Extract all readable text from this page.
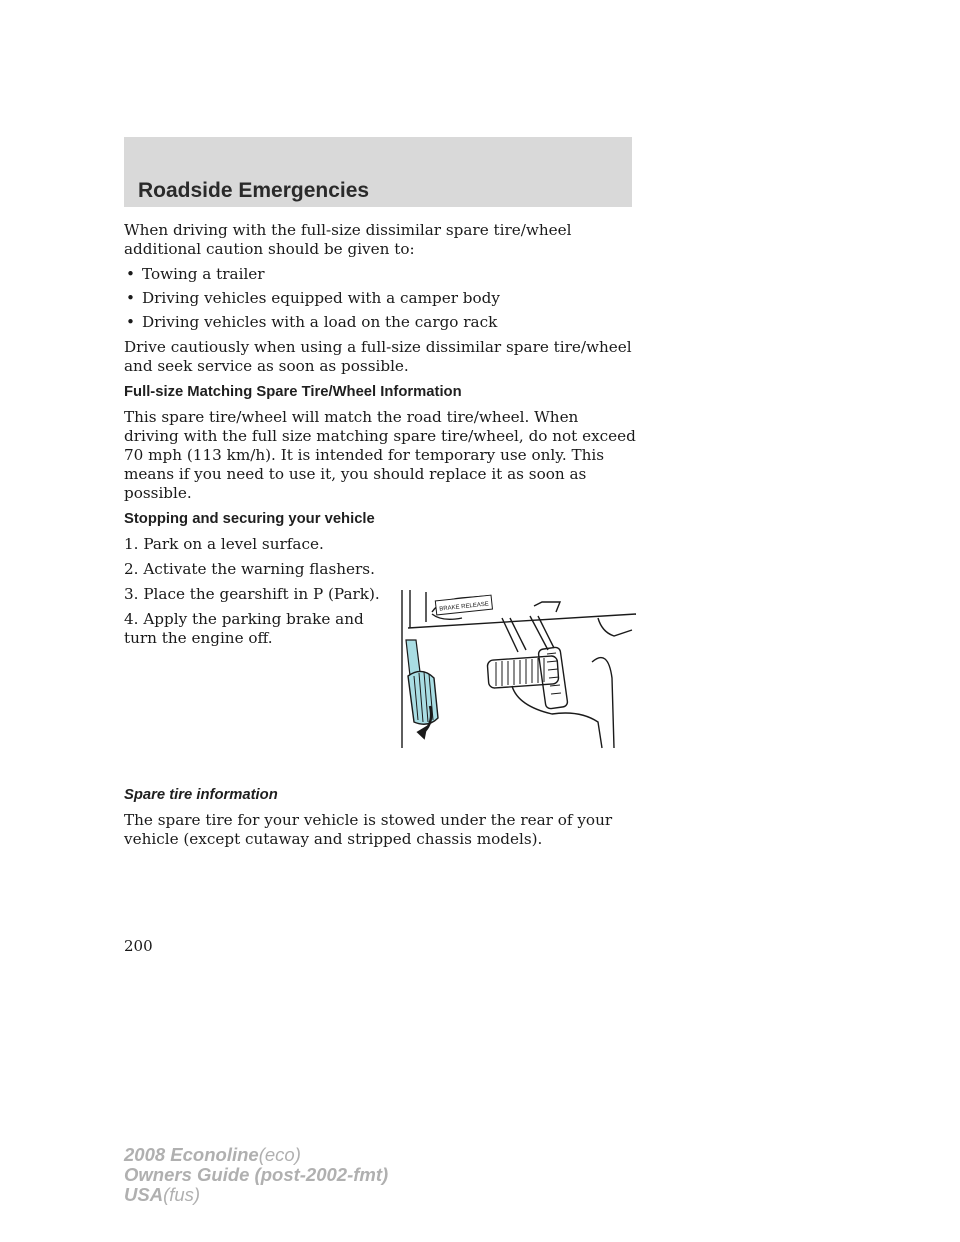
Roadside Emergencies

When driving with the full-size dissimilar spare tire/wheel additional caution should be given to:

• Towing a trailer
• Driving vehicles equipped with a camper body
• Driving vehicles with a load on the cargo rack

Drive cautiously when using a full-size dissimilar spare tire/wheel and seek service as soon as possible.

Full-size Matching Spare Tire/Wheel Information

This spare tire/wheel will match the road tire/wheel. When driving with the full size matching spare tire/wheel, do not exceed 70 mph (113 km/h). It is intended for temporary use only. This means if you need to use it, you should replace it as soon as possible.

Stopping and securing your vehicle
1. Park on a level surface.
2. Activate the warning flashers.
3. Place the gearshift in P (Park).
4. Apply the parking brake and turn the engine off.
Spare tire information

The spare tire for your vehicle is stowed under the rear of your vehicle (except cutaway and stripped chassis models).

BRAKE RELEASE
200
2008 Econoline(eco)
Owners Guide (post-2002-fmt)
USA(fus)
